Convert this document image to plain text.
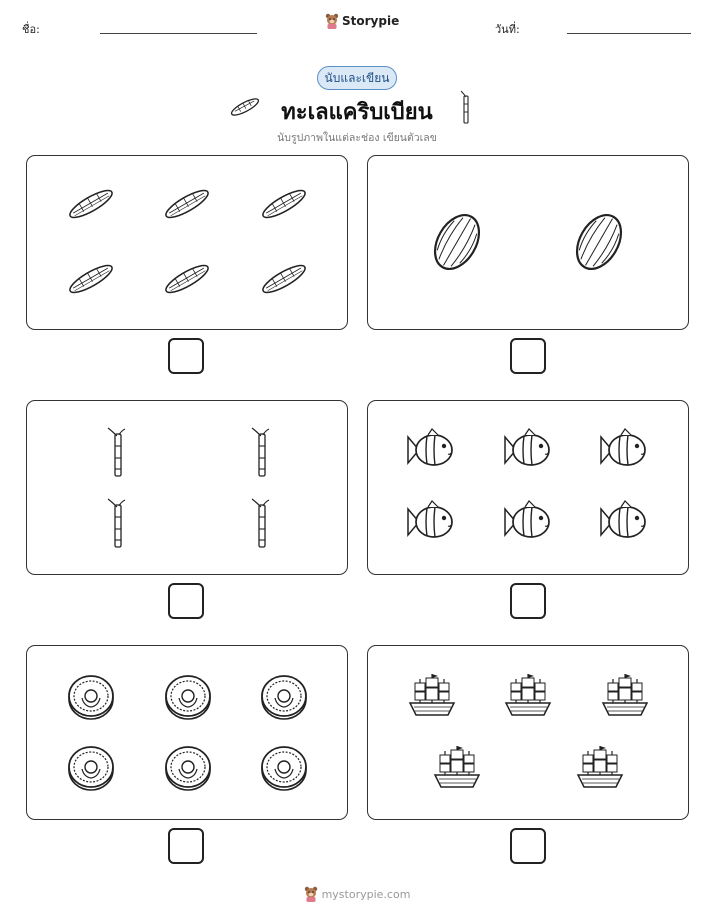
ชื่อ:
Storypie
วันที่:
นับและเขียน
ทะเลแคริบเบียน
นับรูปภาพในแต่ละช่อง เขียนตัวเลข
mystorypie.com
